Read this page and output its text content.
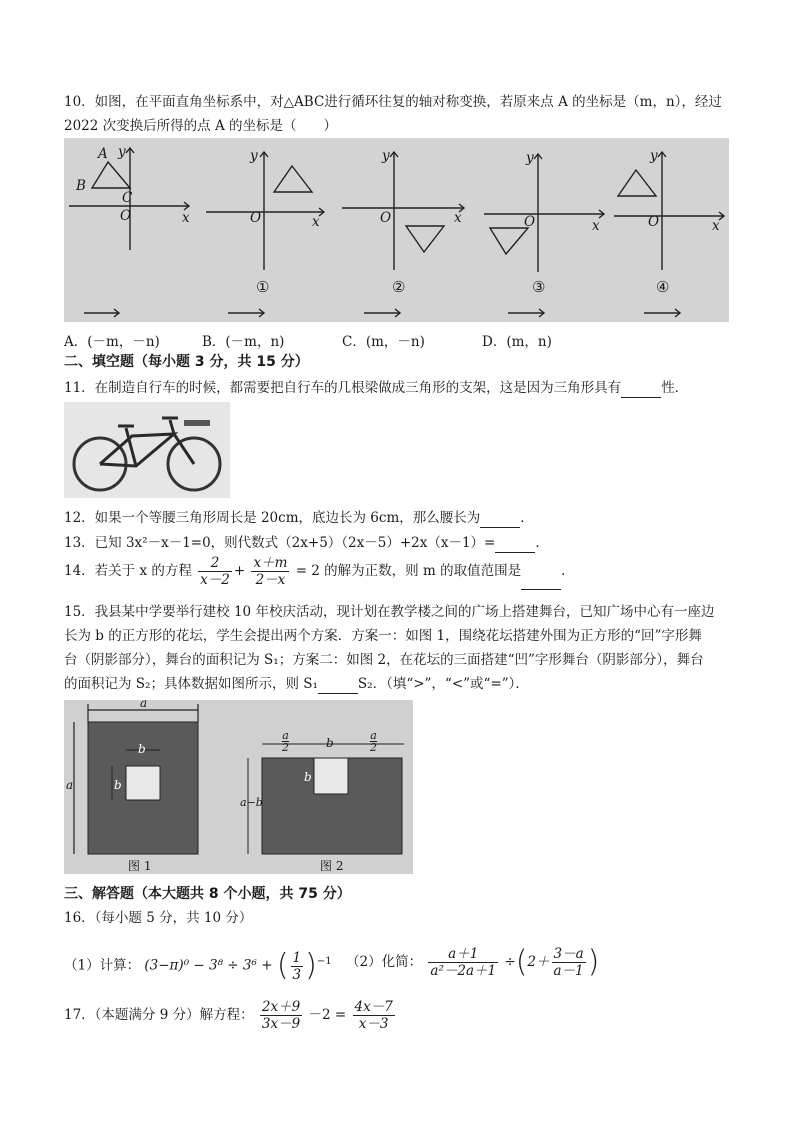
10．如图，在平面直角坐标系中，对△ABC进行循环往复的轴对称变换，若原来点 A 的坐标是（m，n），经过
2022 次变换后所得的点 A 的坐标是（　　）
A
B
C
y
O	x
y
O	x
y
O	x
y
O	x
y
O	x
①	②	③	④
A．(－m，－n)	B．(－m，n)	C．(m，－n)	D．(m，n)
二、填空题（每小题 3 分，共 15 分）
11．在制造自行车的时候，都需要把自行车的几根梁做成三角形的支架，这是因为三角形具有	性．
12．如果一个等腰三角形周长是 20cm，底边长为 6cm，那么腰长为	．
13．已知 3x²－x－1=0，则代数式（2x+5）（2x－5）+2x（x－1）=	．
14．若关于 x 的方程 $\frac{2}{x-2} + \frac{x+m}{2-x} = 2$ 的解为正数，则 m 的取值范围是	．
15．我县某中学要举行建校 10 年校庆活动，现计划在教学楼之间的广场上搭建舞台，已知广场中心有一座边
长为 b 的正方形的花坛，学生会提出两个方案．方案一：如图 1，围绕花坛搭建外围为正方形的“回”字形舞
台（阴影部分），舞台的面积记为 S₁；方案二：如图 2，在花坛的三面搭建“凹”字形舞台（阴影部分），舞台
的面积记为 S₂；具体数据如图所示，则 S₁	S₂．（填“>”，“<”或“=”）．
a
a
b
b
$\frac{a}{2}$	b	$\frac{a}{2}$
b
a−b
图 1	图 2
三、解答题（本大题共 8 个小题，共 75 分）
16．（每小题 5 分，共 10 分）
（1）计算： (3−π)⁰ − 3⁸ ÷ 3⁶ + ( $\frac{1}{3} )^{-1}$ （2）化简： $\frac{a+1}{\text{a²－2a＋1}} \div(2+ \frac{3-a}{a-1}$ )
17．（本题满分 9 分）解方程： $\frac{2x+9}{3x-9} -2 = \frac{4x-7}{x-3}$
